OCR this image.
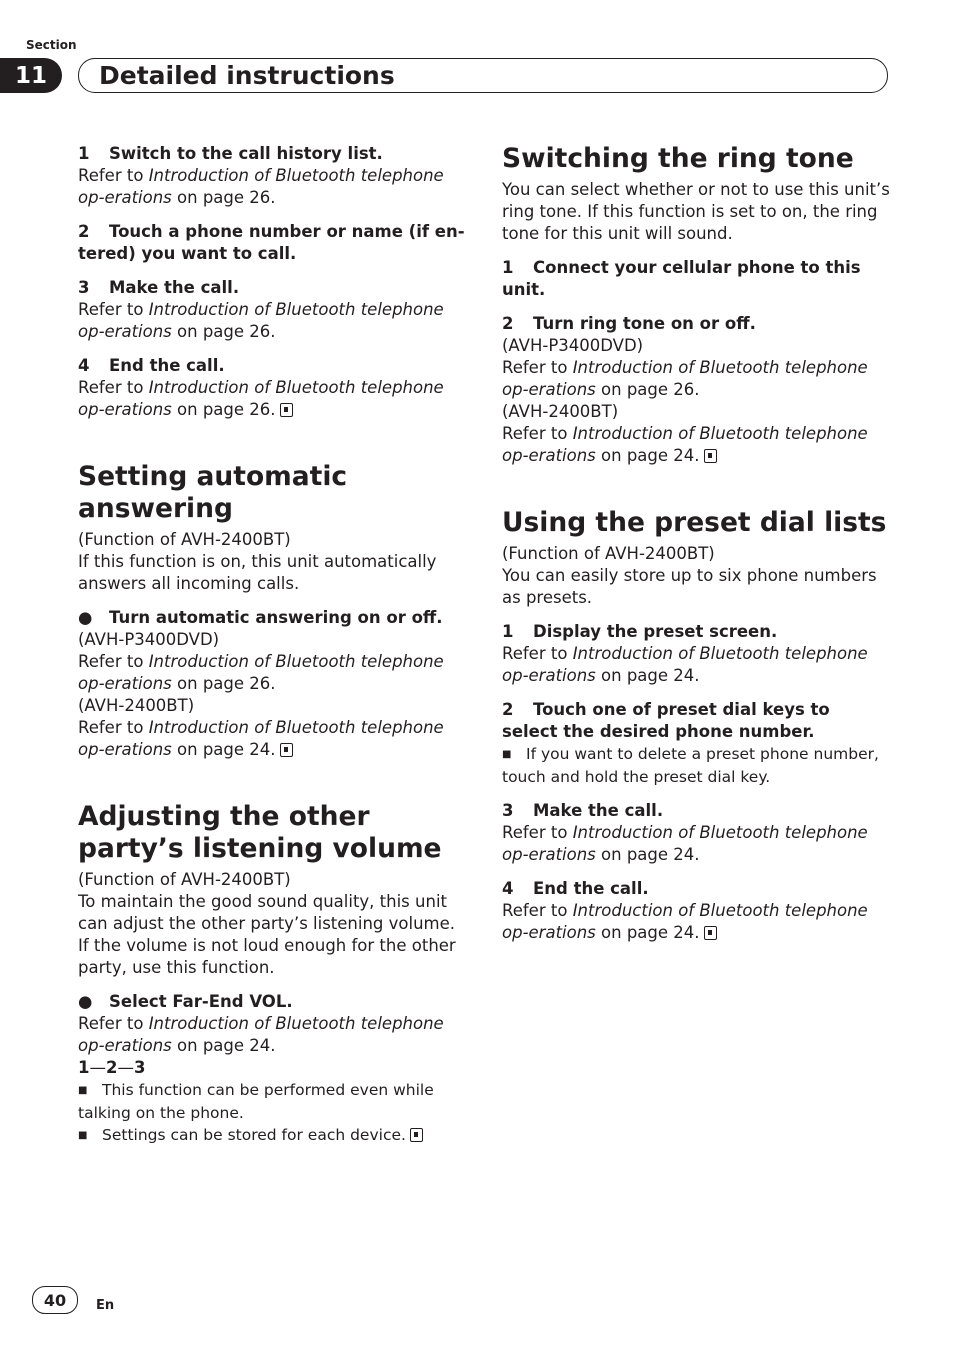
Section
11	Detailed instructions

1 Switch to the call history list.

Refer to Introduction of Bluetooth telephone op-erations on page 26.

2 Touch a phone number or name (if en-tered) you want to call.

3 Make the call.

Refer to Introduction of Bluetooth telephone op-erations on page 26.

4 End the call.

Refer to Introduction of Bluetooth telephone op-erations on page 26.

Setting automatic answering

(Function of AVH-2400BT)

If this function is on, this unit automatically answers all incoming calls.

● Turn automatic answering on or off.

(AVH-P3400DVD)

Refer to Introduction of Bluetooth telephone op-erations on page 26.

(AVH-2400BT)

Refer to Introduction of Bluetooth telephone op-erations on page 24.

Adjusting the other party’s listening volume

(Function of AVH-2400BT)

To maintain the good sound quality, this unit can adjust the other party’s listening volume. If the volume is not loud enough for the other party, use this function.

● Select Far-End VOL.

Refer to Introduction of Bluetooth telephone op-erations on page 24.

1—2—3

■ This function can be performed even while talking on the phone.

■ Settings can be stored for each device.

Switching the ring tone

You can select whether or not to use this unit’s ring tone. If this function is set to on, the ring tone for this unit will sound.

1 Connect your cellular phone to this unit.

2 Turn ring tone on or off.

(AVH-P3400DVD)

Refer to Introduction of Bluetooth telephone op-erations on page 26.

(AVH-2400BT)

Refer to Introduction of Bluetooth telephone op-erations on page 24.

Using the preset dial lists

(Function of AVH-2400BT)

You can easily store up to six phone numbers as presets.

1 Display the preset screen.

Refer to Introduction of Bluetooth telephone op-erations on page 24.

2 Touch one of preset dial keys to select the desired phone number.

■ If you want to delete a preset phone number, touch and hold the preset dial key.

3 Make the call.

Refer to Introduction of Bluetooth telephone op-erations on page 24.

4 End the call.

Refer to Introduction of Bluetooth telephone op-erations on page 24.

40	En
